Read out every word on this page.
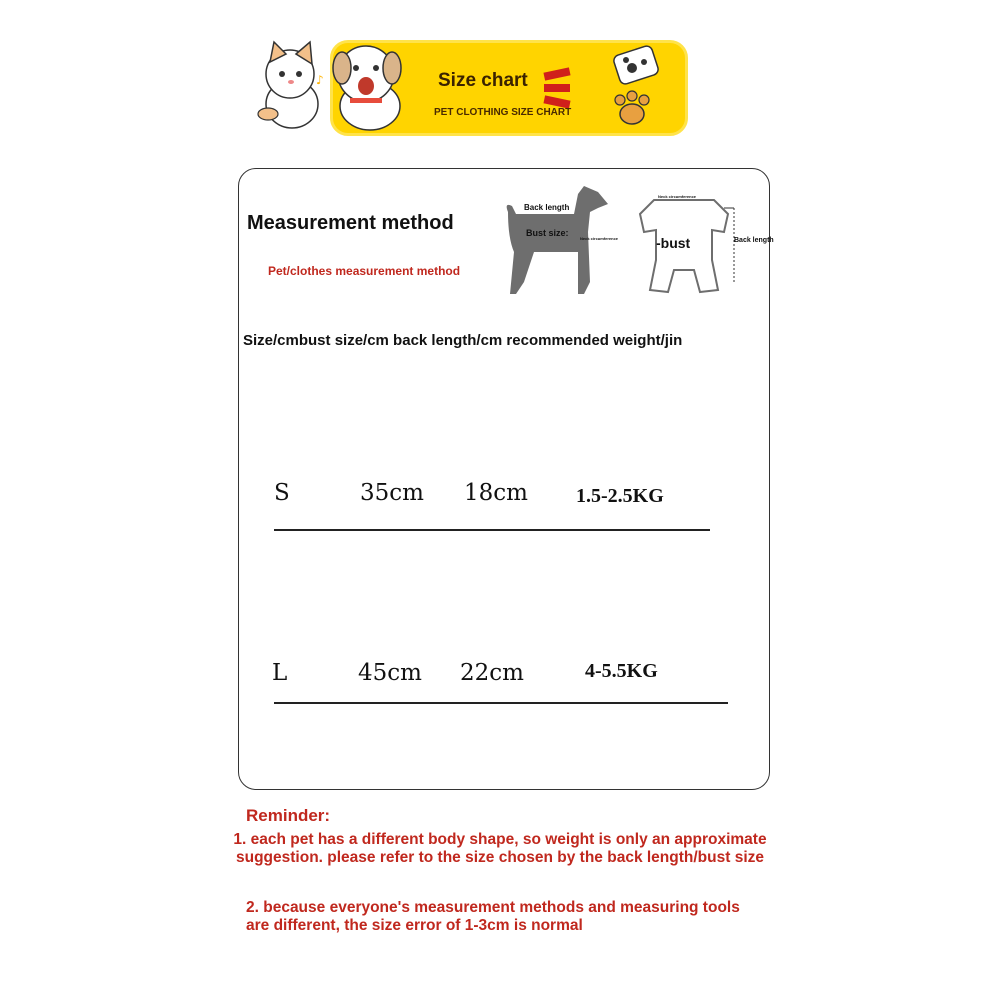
♪	Size chart
PET CLOTHING SIZE CHART
Measurement method
Pet/clothes measurement method
Back length
Bust size:
Neck circumference
Neck circumference
-bust	Back length
Size/cmbust size/cm back length/cm recommended weight/jin
S	35cm 18cm 1.5-2.5KG
L	45cm 22cm	4-5.5KG
Reminder:
1. each pet has a different body shape, so weight is only an approximate suggestion. please refer to the size chosen by the back length/bust size
2. because everyone's measurement methods and measuring tools are different, the size error of 1-3cm is normal
